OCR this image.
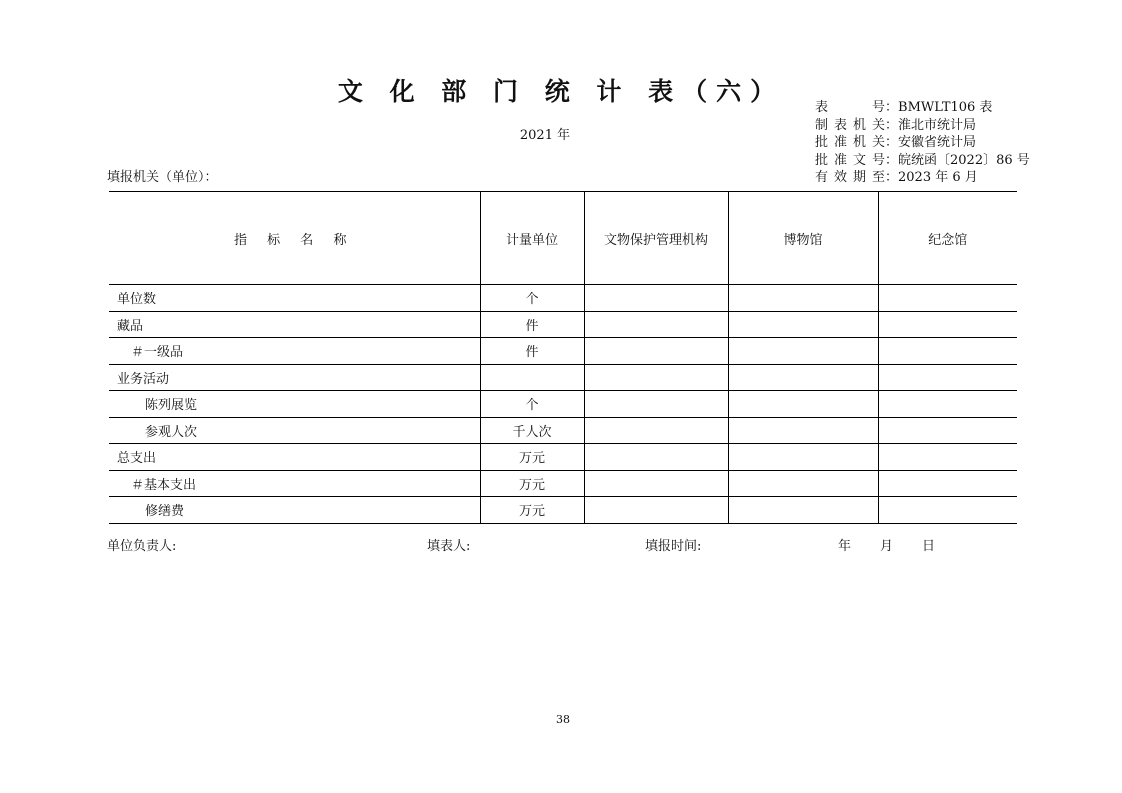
文 化 部 门 统 计 表（六）
2021 年
表号 ： BMWLT106 表
制表机关 ： 淮北市统计局
批准机关 ： 安徽省统计局
批准文号 ： 皖统函〔2022〕86 号
有效期至 ： 2023 年 6 月
填报机关（单位）：
指 标 名 称	计量单位	文物保护管理机构	博物馆	纪念馆
单位数	个			
藏品	件			
＃一级品	件			
业务活动				
陈列展览	个			
参观人次	千人次			
总支出	万元			
＃基本支出	万元			
修缮费	万元			
单位负责人:	填表人:	填报时间:	年 月 日
38
